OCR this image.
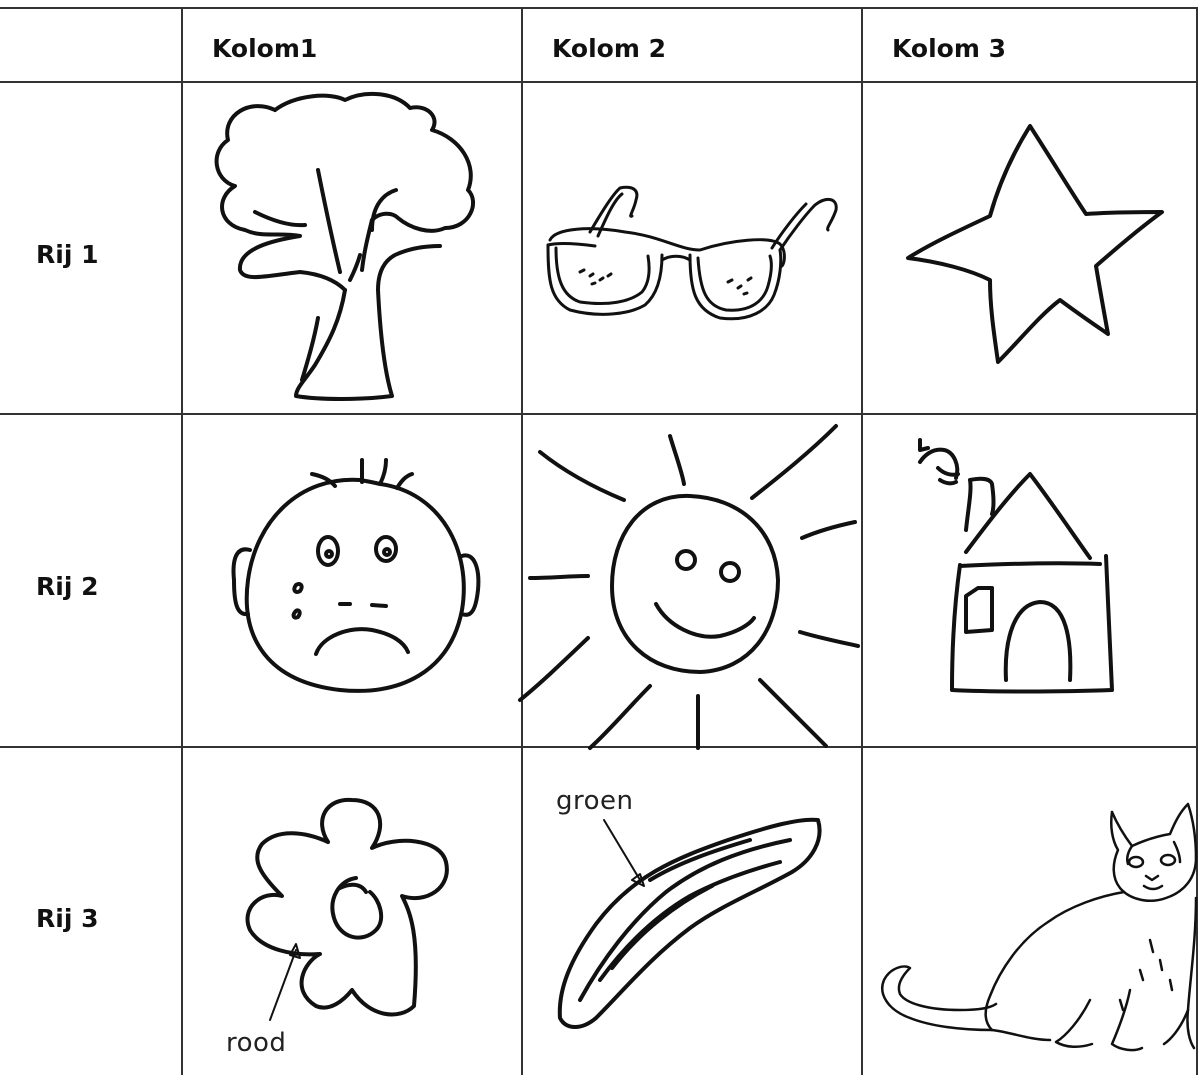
Kolom1	Kolom 2	Kolom 3
Rij 1
Rij 2
Rij 3
rood
groen
